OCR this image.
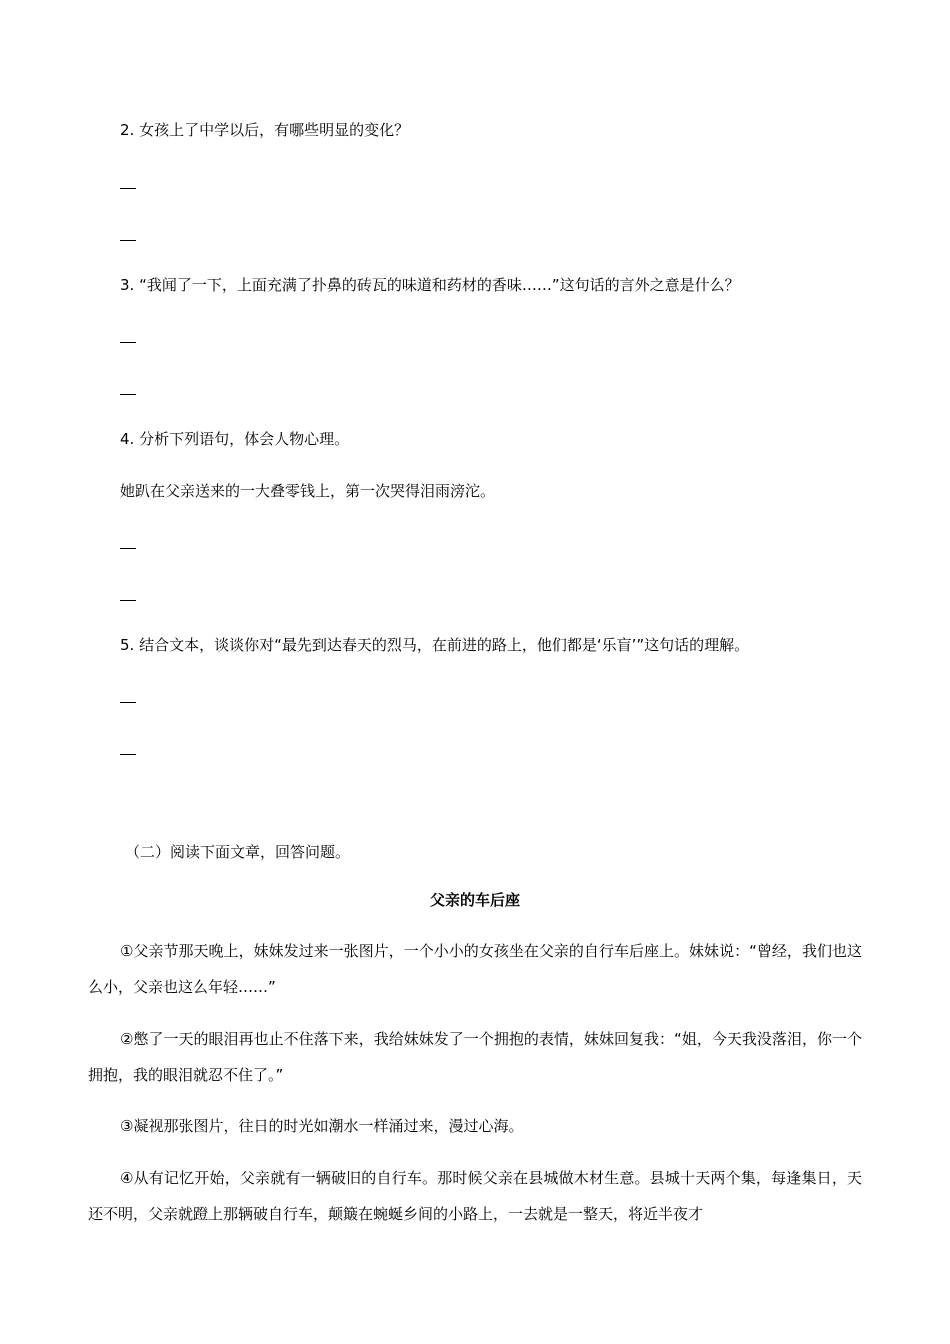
2. 女孩上了中学以后，有哪些明显的变化？
3. “我闻了一下，上面充满了扑鼻的砖瓦的味道和药材的香味……”这句话的言外之意是什么？
4. 分析下列语句，体会人物心理。
她趴在父亲送来的一大叠零钱上，第一次哭得泪雨滂沱。
5. 结合文本，谈谈你对“最先到达春天的烈马，在前进的路上，他们都是‘乐盲’”这句话的理解。
（二）阅读下面文章，回答问题。
父亲的车后座
①父亲节那天晚上，妹妹发过来一张图片，一个小小的女孩坐在父亲的自行车后座上。妹妹说：“曾经，我们也这么小，父亲也这么年轻……”
②憋了一天的眼泪再也止不住落下来，我给妹妹发了一个拥抱的表情，妹妹回复我：“姐，今天我没落泪，你一个拥抱，我的眼泪就忍不住了。”
③凝视那张图片，往日的时光如潮水一样涌过来，漫过心海。
④从有记忆开始，父亲就有一辆破旧的自行车。那时候父亲在县城做木材生意。县城十天两个集，每逢集日，天还不明，父亲就蹬上那辆破自行车，颠簸在蜿蜒乡间的小路上，一去就是一整天，将近半夜才
